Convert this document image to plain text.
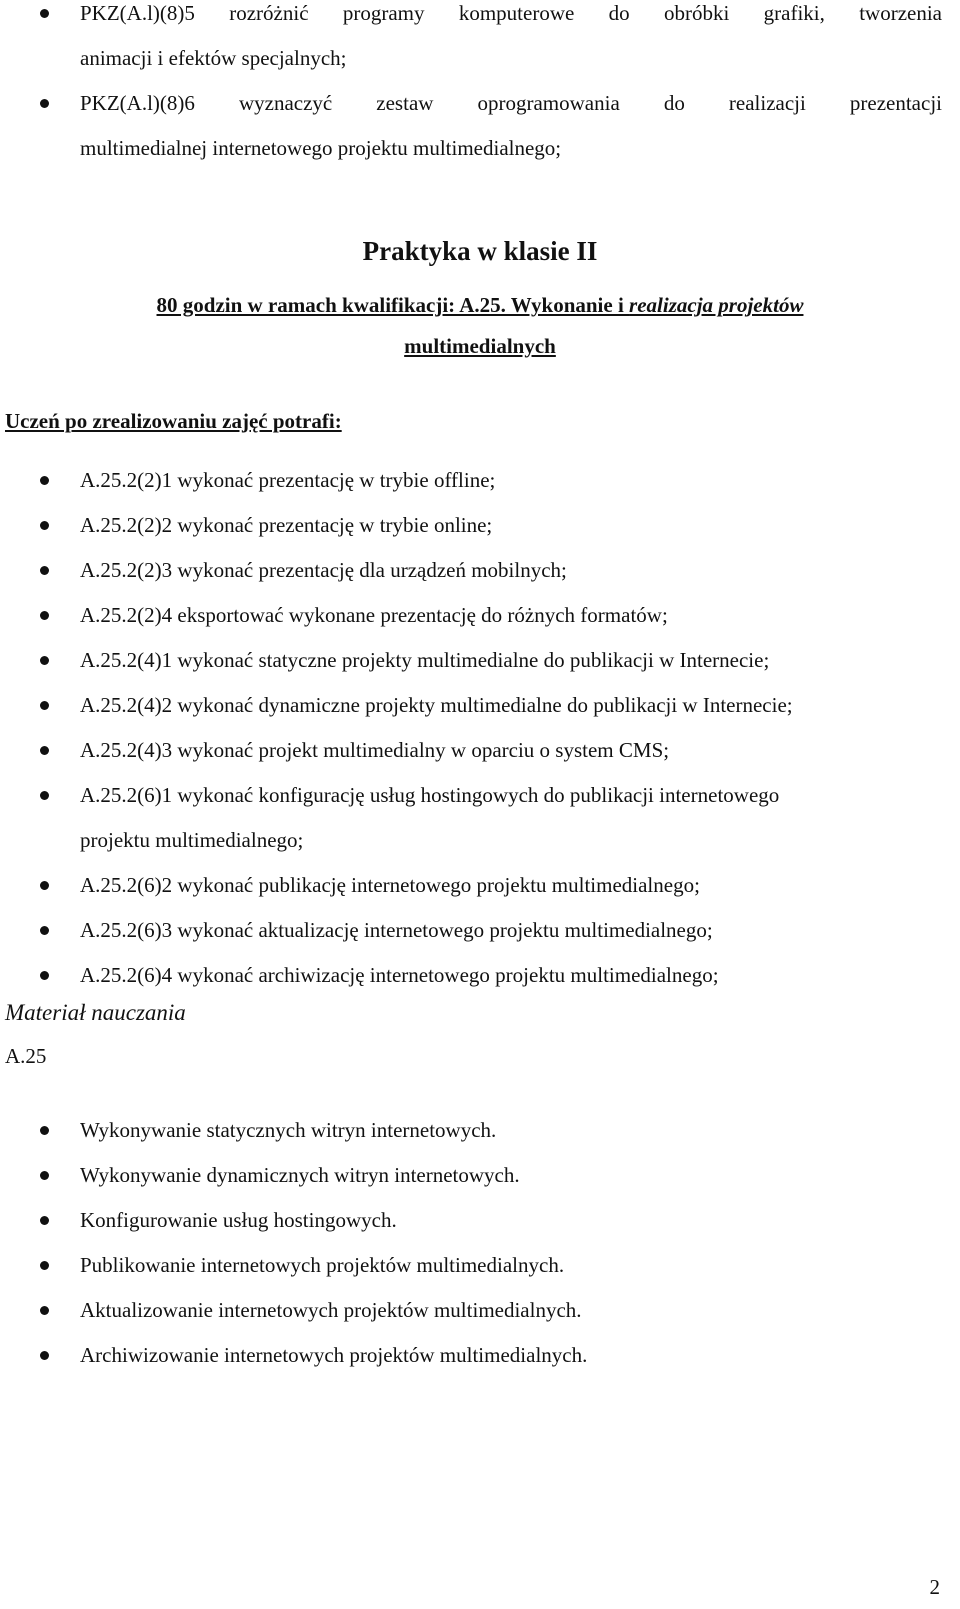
PKZ(A.l)(8)5 rozróżnić programy komputerowe do obróbki grafiki, tworzenia
animacji i efektów specjalnych;
PKZ(A.l)(8)6 wyznaczyć zestaw oprogramowania do realizacji prezentacji
multimedialnej internetowego projektu multimedialnego;
Praktyka w klasie II
80 godzin w ramach kwalifikacji: A.25. Wykonanie i realizacja projektów
multimedialnych
Uczeń po zrealizowaniu zajęć potrafi:
A.25.2(2)1 wykonać prezentację w trybie offline;
A.25.2(2)2 wykonać prezentację w trybie online;
A.25.2(2)3 wykonać prezentację dla urządzeń mobilnych;
A.25.2(2)4 eksportować wykonane prezentację do różnych formatów;
A.25.2(4)1 wykonać statyczne projekty multimedialne do publikacji w Internecie;
A.25.2(4)2 wykonać dynamiczne projekty multimedialne do publikacji w Internecie;
A.25.2(4)3 wykonać projekt multimedialny w oparciu o system CMS;
A.25.2(6)1 wykonać konfigurację usług hostingowych do publikacji internetowego
projektu multimedialnego;
A.25.2(6)2 wykonać publikację internetowego projektu multimedialnego;
A.25.2(6)3 wykonać aktualizację internetowego projektu multimedialnego;
A.25.2(6)4 wykonać archiwizację internetowego projektu multimedialnego;
Materiał nauczania
A.25
Wykonywanie statycznych witryn internetowych.
Wykonywanie dynamicznych witryn internetowych.
Konfigurowanie usług hostingowych.
Publikowanie internetowych projektów multimedialnych.
Aktualizowanie internetowych projektów multimedialnych.
Archiwizowanie internetowych projektów multimedialnych.
2
